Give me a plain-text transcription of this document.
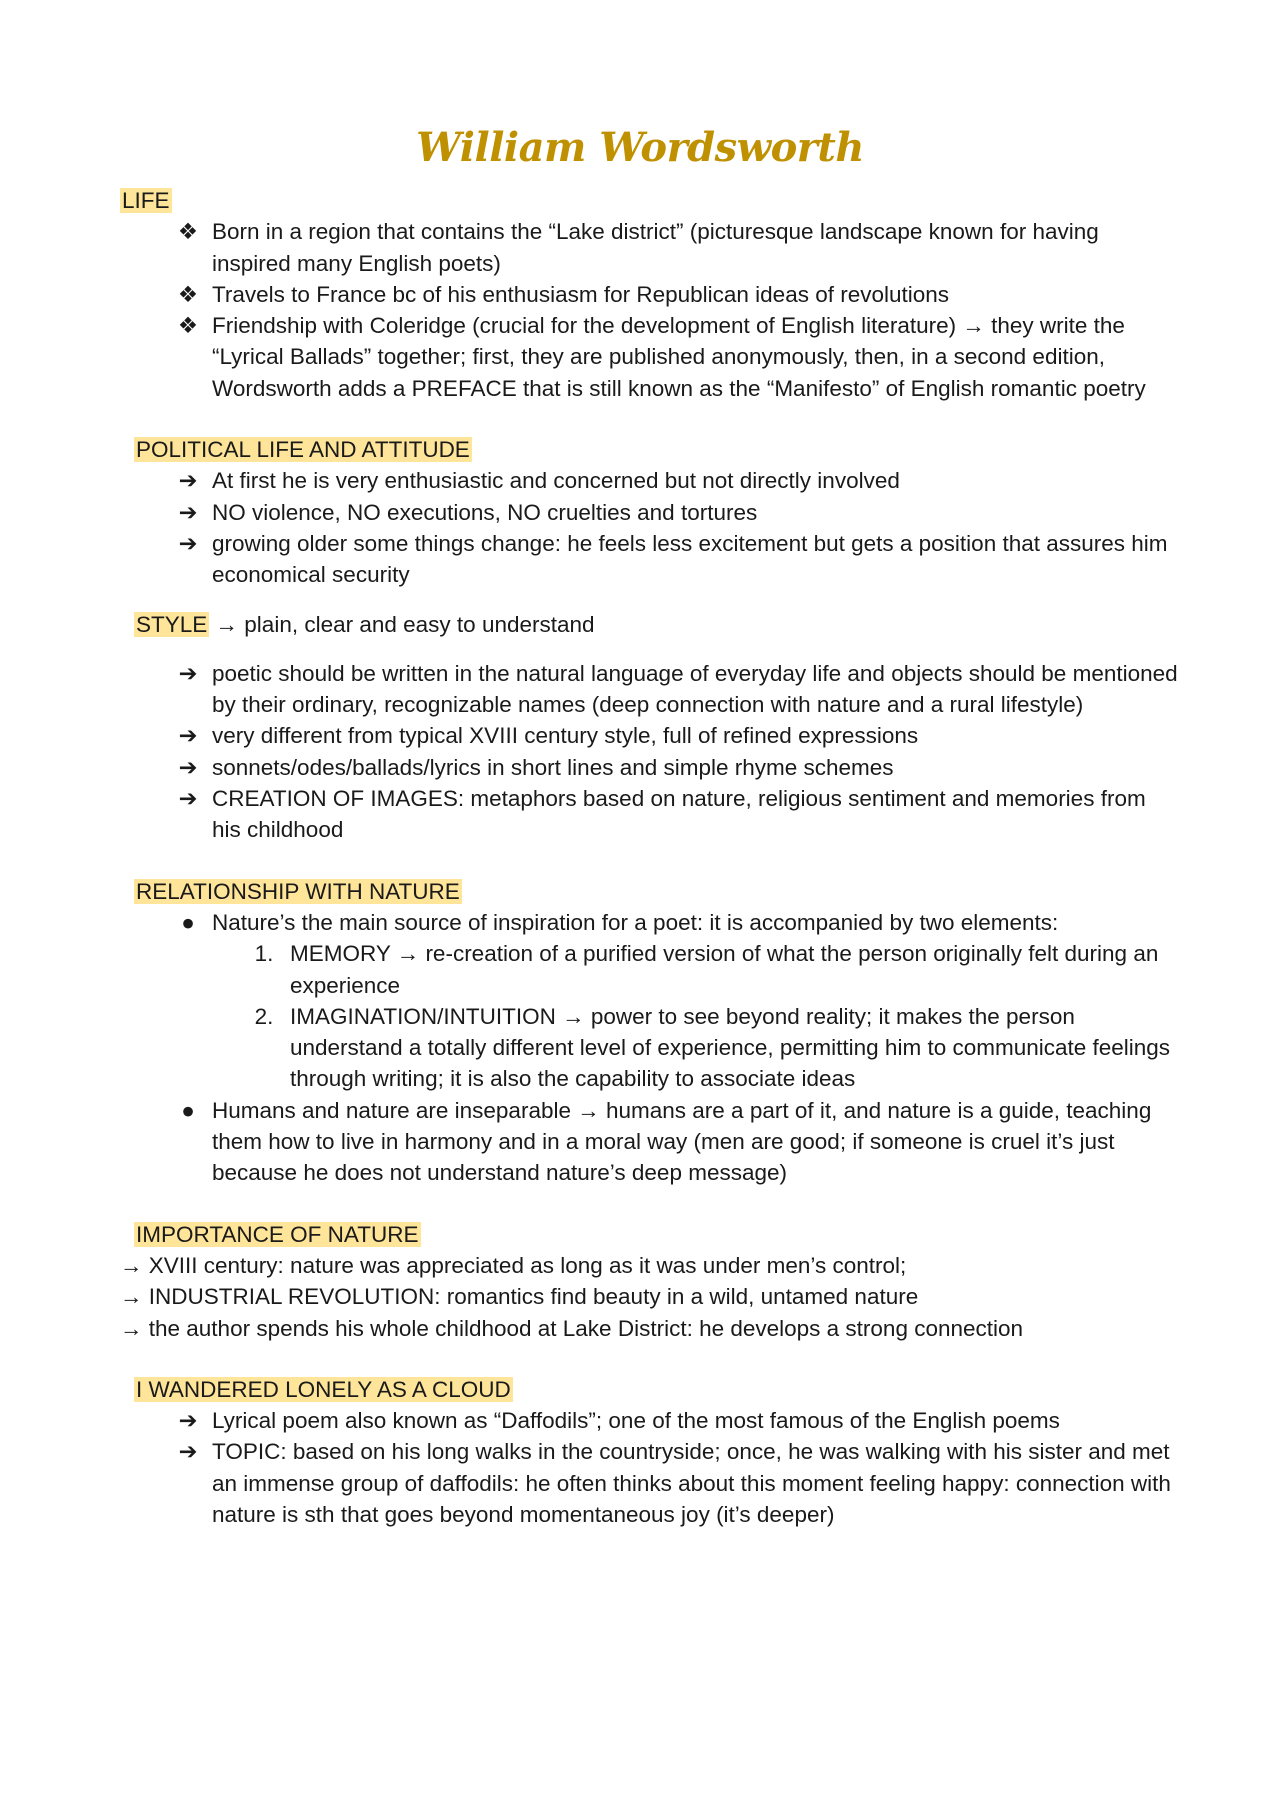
William Wordsworth

LIFE

❖ Born in a region that contains the “Lake district” (picturesque landscape known for having inspired many English poets)
❖ Travels to France bc of his enthusiasm for Republican ideas of revolutions
❖ Friendship with Coleridge (crucial for the development of English literature) → they write the “Lyrical Ballads” together; first, they are published anonymously, then, in a second edition, Wordsworth adds a PREFACE that is still known as the “Manifesto” of English romantic poetry

POLITICAL LIFE AND ATTITUDE

➔ At first he is very enthusiastic and concerned but not directly involved
➔ NO violence, NO executions, NO cruelties and tortures
➔ growing older some things change: he feels less excitement but gets a position that assures him economical security

STYLE → plain, clear and easy to understand

➔ poetic should be written in the natural language of everyday life and objects should be mentioned by their ordinary, recognizable names (deep connection with nature and a rural lifestyle)
➔ very different from typical XVIII century style, full of refined expressions
➔ sonnets/odes/ballads/lyrics in short lines and simple rhyme schemes
➔ CREATION OF IMAGES: metaphors based on nature, religious sentiment and memories from his childhood

RELATIONSHIP WITH NATURE

● Nature’s the main source of inspiration for a poet: it is accompanied by two elements:
1. MEMORY → re-creation of a purified version of what the person originally felt during an experience
2. IMAGINATION/INTUITION → power to see beyond reality; it makes the person understand a totally different level of experience, permitting him to communicate feelings through writing; it is also the capability to associate ideas
● Humans and nature are inseparable → humans are a part of it, and nature is a guide, teaching them how to live in harmony and in a moral way (men are good; if someone is cruel it’s just because he does not understand nature’s deep message)

IMPORTANCE OF NATURE

→ XVIII century: nature was appreciated as long as it was under men’s control;

→ INDUSTRIAL REVOLUTION: romantics find beauty in a wild, untamed nature

→ the author spends his whole childhood at Lake District: he develops a strong connection

I WANDERED LONELY AS A CLOUD

➔ Lyrical poem also known as “Daffodils”; one of the most famous of the English poems
➔ TOPIC: based on his long walks in the countryside; once, he was walking with his sister and met an immense group of daffodils: he often thinks about this moment feeling happy: connection with nature is sth that goes beyond momentaneous joy (it’s deeper)
